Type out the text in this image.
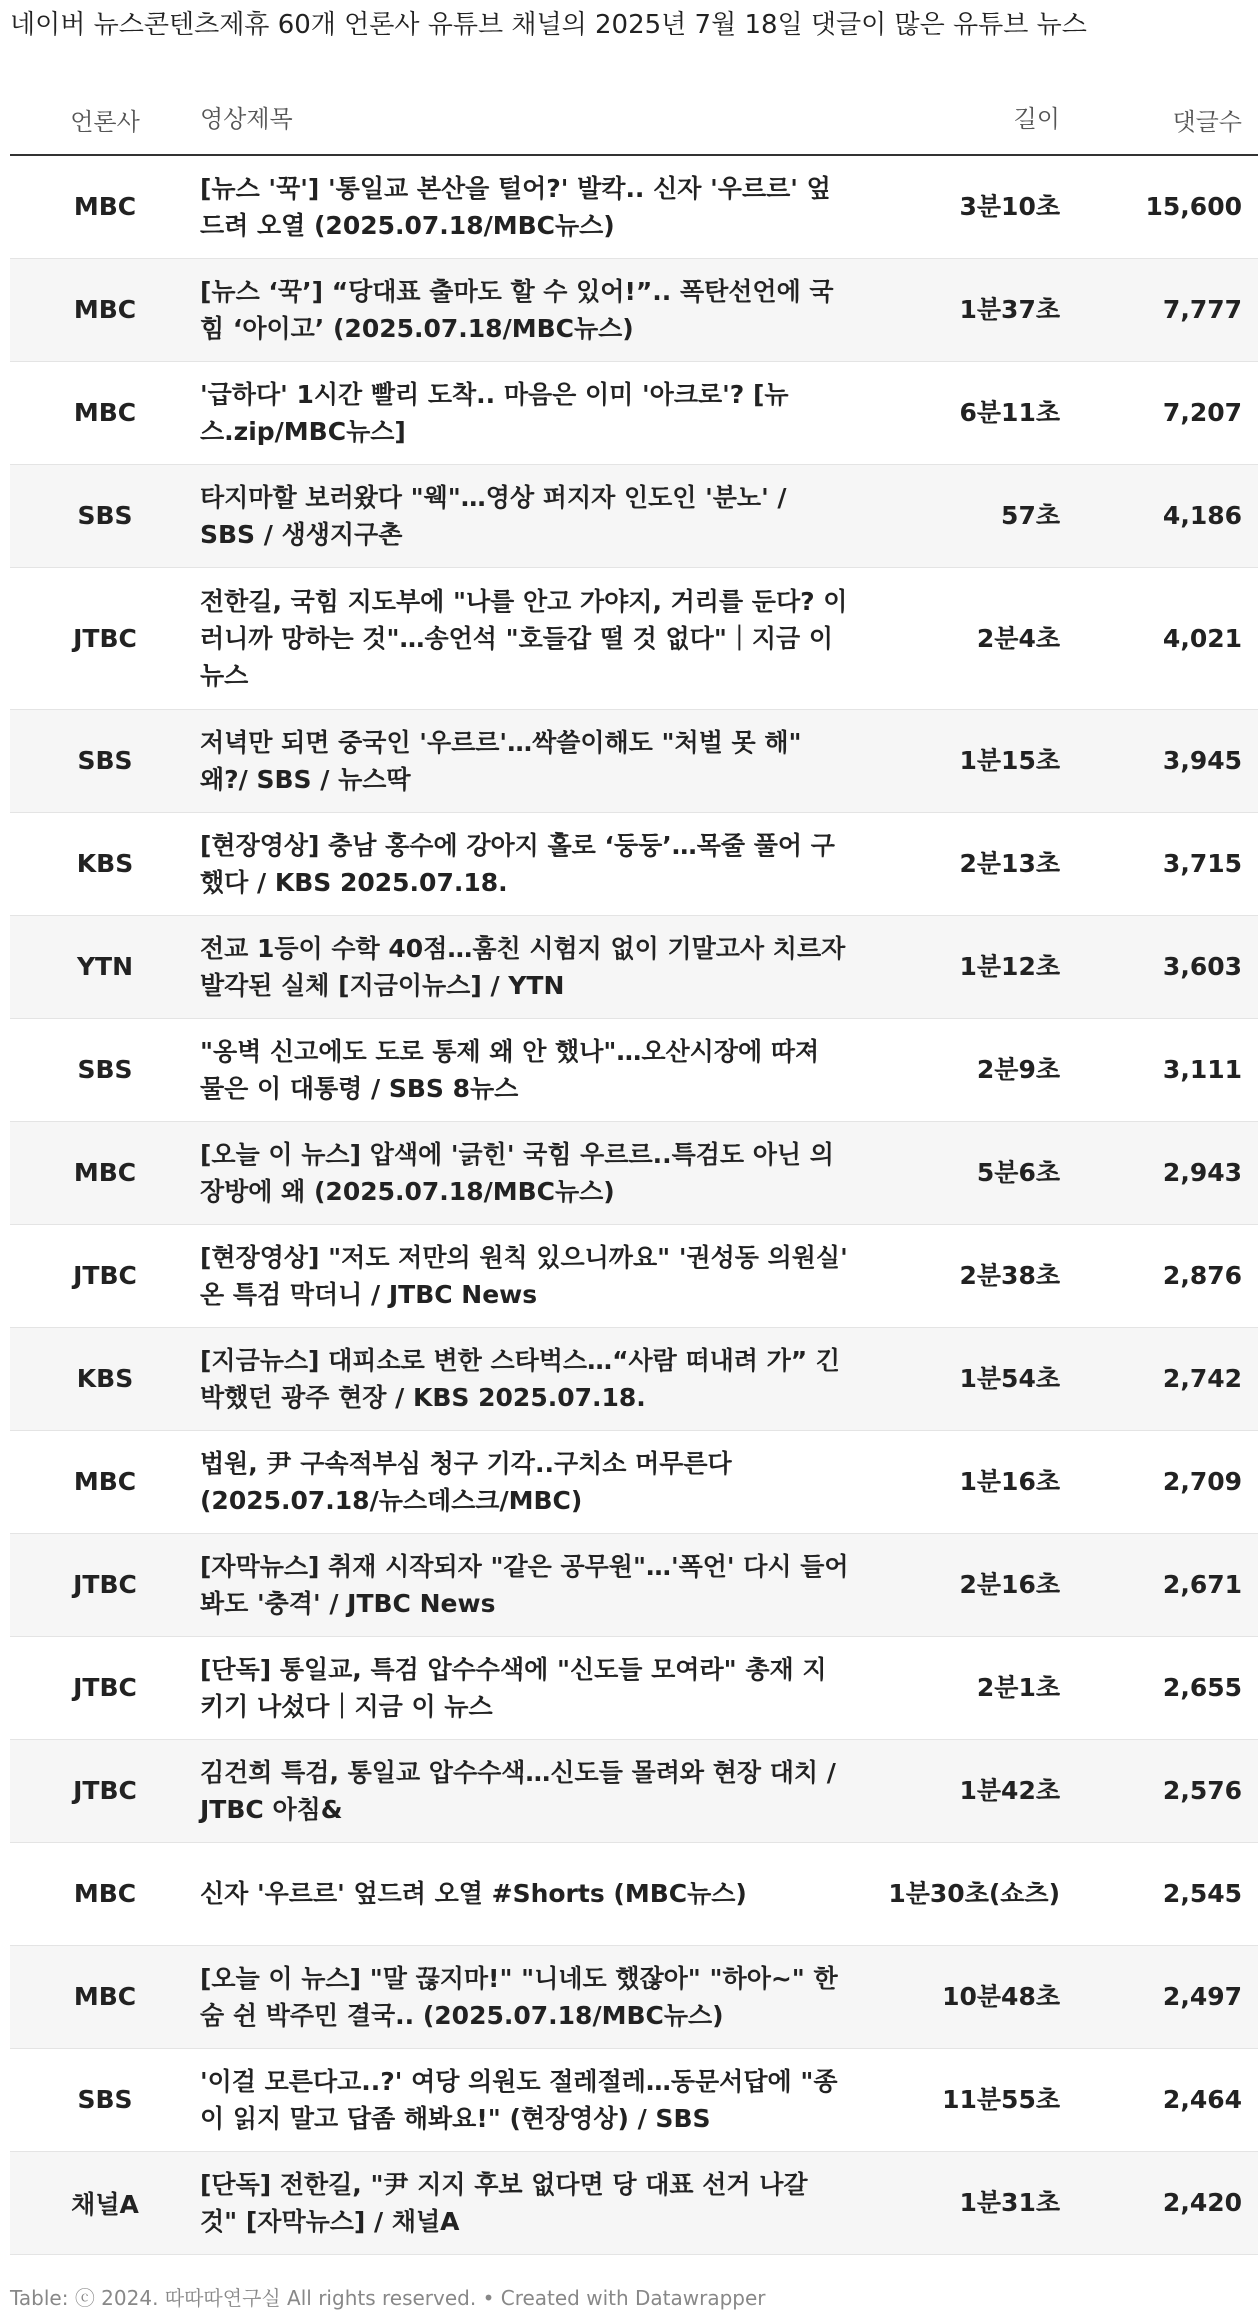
네이버 뉴스콘텐츠제휴 60개 언론사 유튜브 채널의 2025년 7월 18일 댓글이 많은 유튜브 뉴스
언론사	영상제목	길이	댓글수
MBC	[뉴스 '꾹'] '통일교 본산을 털어?' 발칵.. 신자 '우르르' 엎드려 오열 (2025.07.18/MBC뉴스)	3분10초	15,600
MBC	[뉴스 ‘꾹’] “당대표 출마도 할 수 있어!”.. 폭탄선언에 국힘 ‘아이고’ (2025.07.18/MBC뉴스)	1분37초	7,777
MBC	'급하다' 1시간 빨리 도착.. 마음은 이미 '아크로'? [뉴스.zip/MBC뉴스]	6분11초	7,207
SBS	타지마할 보러왔다 "웩"…영상 퍼지자 인도인 '분노' / SBS / 생생지구촌	57초	4,186
JTBC	전한길, 국힘 지도부에 "나를 안고 가야지, 거리를 둔다? 이러니까 망하는 것"…송언석 "호들갑 떨 것 없다"｜지금 이 뉴스	2분4초	4,021
SBS	저녁만 되면 중국인 '우르르'…싹쓸이해도 "처벌 못 해" 왜?/ SBS / 뉴스딱	1분15초	3,945
KBS	[현장영상] 충남 홍수에 강아지 홀로 ‘둥둥’…목줄 풀어 구했다 / KBS 2025.07.18.	2분13초	3,715
YTN	전교 1등이 수학 40점…훔친 시험지 없이 기말고사 치르자 발각된 실체 [지금이뉴스] / YTN	1분12초	3,603
SBS	"옹벽 신고에도 도로 통제 왜 안 했나"…오산시장에 따져 물은 이 대통령 / SBS 8뉴스	2분9초	3,111
MBC	[오늘 이 뉴스] 압색에 '긁힌' 국힘 우르르..특검도 아닌 의장방에 왜 (2025.07.18/MBC뉴스)	5분6초	2,943
JTBC	[현장영상] "저도 저만의 원칙 있으니까요" '권성동 의원실' 온 특검 막더니 / JTBC News	2분38초	2,876
KBS	[지금뉴스] 대피소로 변한 스타벅스…“사람 떠내려 가” 긴박했던 광주 현장 / KBS 2025.07.18.	1분54초	2,742
MBC	법원, 尹 구속적부심 청구 기각..구치소 머무른다 (2025.07.18/뉴스데스크/MBC)	1분16초	2,709
JTBC	[자막뉴스] 취재 시작되자 "같은 공무원"…'폭언' 다시 들어봐도 '충격' / JTBC News	2분16초	2,671
JTBC	[단독] 통일교, 특검 압수수색에 "신도들 모여라" 총재 지키기 나섰다｜지금 이 뉴스	2분1초	2,655
JTBC	김건희 특검, 통일교 압수수색…신도들 몰려와 현장 대치 / JTBC 아침&	1분42초	2,576
MBC	신자 '우르르' 엎드려 오열 #Shorts (MBC뉴스)	1분30초(쇼츠)	2,545
MBC	[오늘 이 뉴스] "말 끊지마!" "니네도 했잖아" "하아~" 한숨 쉰 박주민 결국.. (2025.07.18/MBC뉴스)	10분48초	2,497
SBS	'이걸 모른다고..?' 여당 의원도 절레절레…동문서답에 "종이 읽지 말고 답좀 해봐요!" (현장영상) / SBS	11분55초	2,464
채널A	[단독] 전한길, "尹 지지 후보 없다면 당 대표 선거 나갈 것" [자막뉴스] / 채널A	1분31초	2,420
Table: ⓒ 2024. 따따따연구실 All rights reserved. • Created with Datawrapper
